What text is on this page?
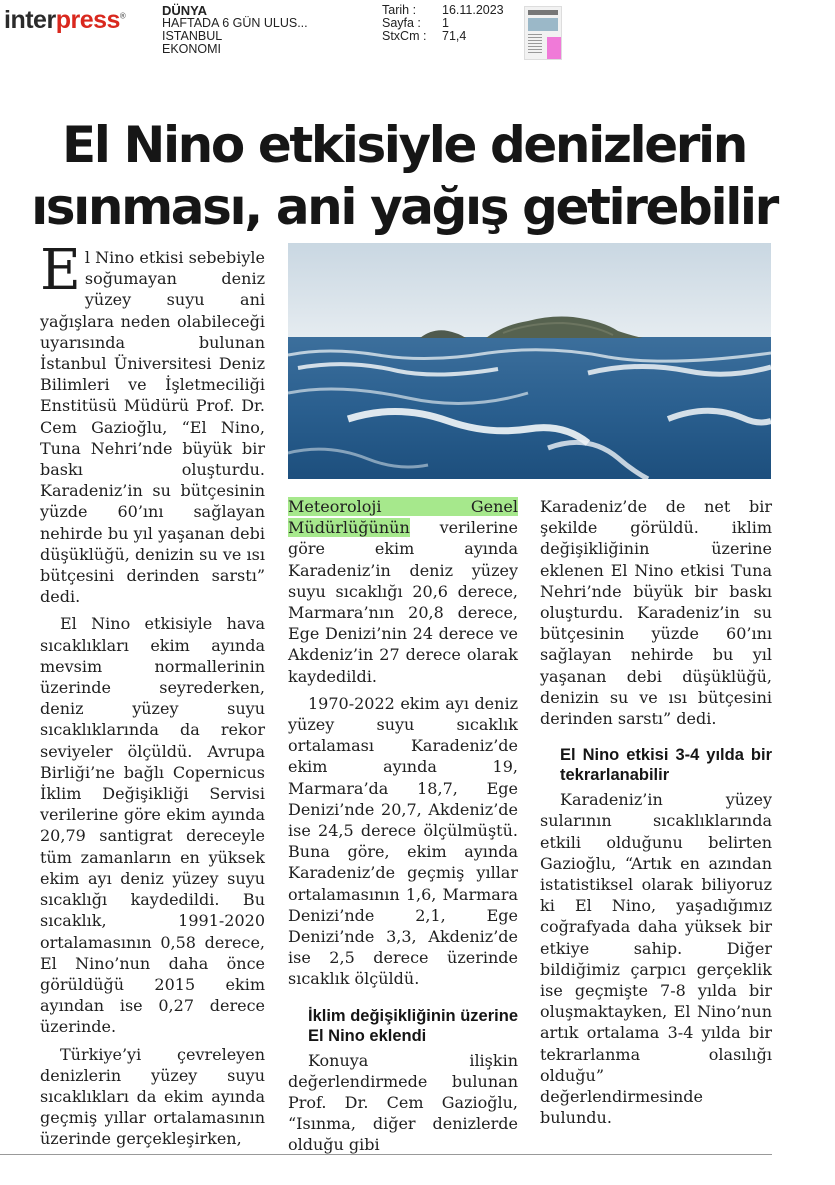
interpress®	DÜNYA
HAFTADA 6 GÜN ULUS...
ISTANBUL
EKONOMI
Tarih :	16.11.2023
Sayfa :	1
StxCm :	71,4
El Nino etkisiyle denizlerin
ısınması, ani yağış getirebilir

El Nino etkisi sebebiyle soğumayan deniz yüzey suyu ani yağışlara neden olabileceği uyarısında bulunan İstanbul Üniversitesi Deniz Bilimleri ve İşletmeciliği Enstitüsü Müdürü Prof. Dr. Cem Gazioğlu, “El Nino, Tuna Nehri’nde büyük bir baskı oluşturdu. Karadeniz’in su bütçesinin yüzde 60’ını sağlayan nehirde bu yıl yaşanan debi düşüklüğü, denizin su ve ısı bütçesini derinden sarstı” dedi.

El Nino etkisiyle hava sıcaklıkları ekim ayında mevsim normallerinin üzerinde seyrederken, deniz yüzey suyu sıcaklıklarında da rekor seviyeler ölçüldü. Avrupa Birliği’ne bağlı Copernicus İklim Değişikliği Servisi verilerine göre ekim ayında 20,79 santigrat dereceyle tüm zamanların en yüksek ekim ayı deniz yüzey suyu sıcaklığı kaydedildi. Bu sıcaklık, 1991-2020 ortalamasının 0,58 derece, El Nino’nun daha önce görüldüğü 2015 ekim ayından ise 0,27 derece üzerinde.

Türkiye’yi çevreleyen denizlerin yüzey suyu sıcaklıkları da ekim ayında geçmiş yıllar ortalamasının üzerinde gerçekleşirken,

Meteoroloji Genel Müdürlüğünün verilerine göre ekim ayında Karadeniz’in deniz yüzey suyu sıcaklığı 20,6 derece, Marmara’nın 20,8 derece, Ege Denizi’nin 24 derece ve Akdeniz’in 27 derece olarak kaydedildi.

1970-2022 ekim ayı deniz yüzey suyu sıcaklık ortalaması Karadeniz’de ekim ayında 19, Marmara’da 18,7, Ege Denizi’nde 20,7, Akdeniz’de ise 24,5 derece ölçülmüştü. Buna göre, ekim ayında Karadeniz’de geçmiş yıllar ortalamasının 1,6, Marmara Denizi’nde 2,1, Ege Denizi’nde 3,3, Akdeniz’de ise 2,5 derece üzerinde sıcaklık ölçüldü.

İklim değişikliğinin üzerine El Nino eklendi

Konuya ilişkin değerlendirmede bulunan Prof. Dr. Cem Gazioğlu, “Isınma, diğer denizlerde olduğu gibi

Karadeniz’de de net bir şekilde görüldü. iklim değişikliğinin üzerine eklenen El Nino etkisi Tuna Nehri’nde büyük bir baskı oluşturdu. Karadeniz’in su bütçesinin yüzde 60’ını sağlayan nehirde bu yıl yaşanan debi düşüklüğü, denizin su ve ısı bütçesini derinden sarstı” dedi.

El Nino etkisi 3-4 yılda bir tekrarlanabilir

Karadeniz’in yüzey sularının sıcaklıklarında etkili olduğunu belirten Gazioğlu, “Artık en azından istatistiksel olarak biliyoruz ki El Nino, yaşadığımız coğrafyada daha yüksek bir etkiye sahip. Diğer bildiğimiz çarpıcı gerçeklik ise geçmişte 7-8 yılda bir oluşmaktayken, El Nino’nun artık ortalama 3-4 yılda bir tekrarlanma olasılığı olduğu” değerlendirmesinde bulundu.
